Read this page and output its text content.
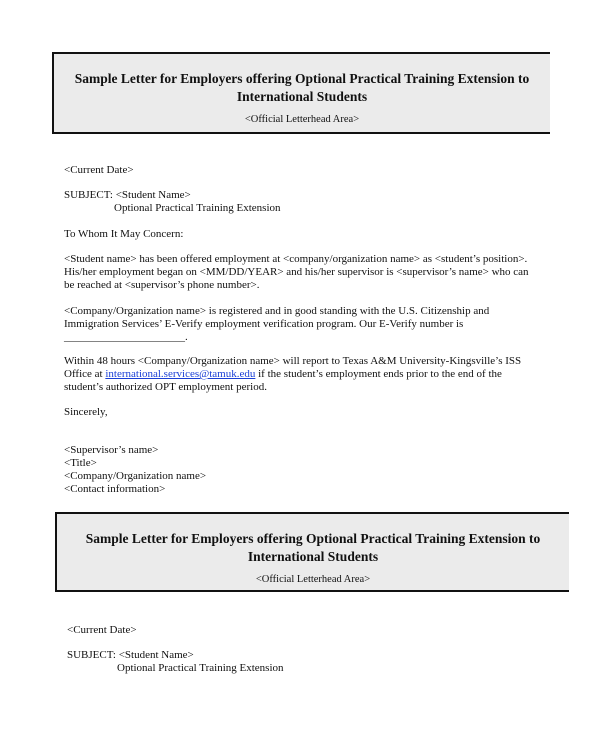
Sample Letter for Employers offering Optional Practical Training Extension to
International Students
<Official Letterhead Area>
<Current Date>
SUBJECT: <Student Name>
Optional Practical Training Extension
To Whom It May Concern:
<Student name> has been offered employment at <company/organization name> as <student’s position>.
His/her employment began on <MM/DD/YEAR> and his/her supervisor is <supervisor’s name> who can
be reached at <supervisor’s phone number>.
<Company/Organization name> is registered and in good standing with the U.S. Citizenship and
Immigration Services’ E-Verify employment verification program. Our E-Verify number is
______________________.
Within 48 hours <Company/Organization name> will report to Texas A&M University-Kingsville’s ISS
Office at international.services@tamuk.edu if the student’s employment ends prior to the end of the
student’s authorized OPT employment period.
Sincerely,
<Supervisor’s name>
<Title>
<Company/Organization name>
<Contact information>
Sample Letter for Employers offering Optional Practical Training Extension to
International Students
<Official Letterhead Area>
<Current Date>
SUBJECT: <Student Name>
Optional Practical Training Extension
